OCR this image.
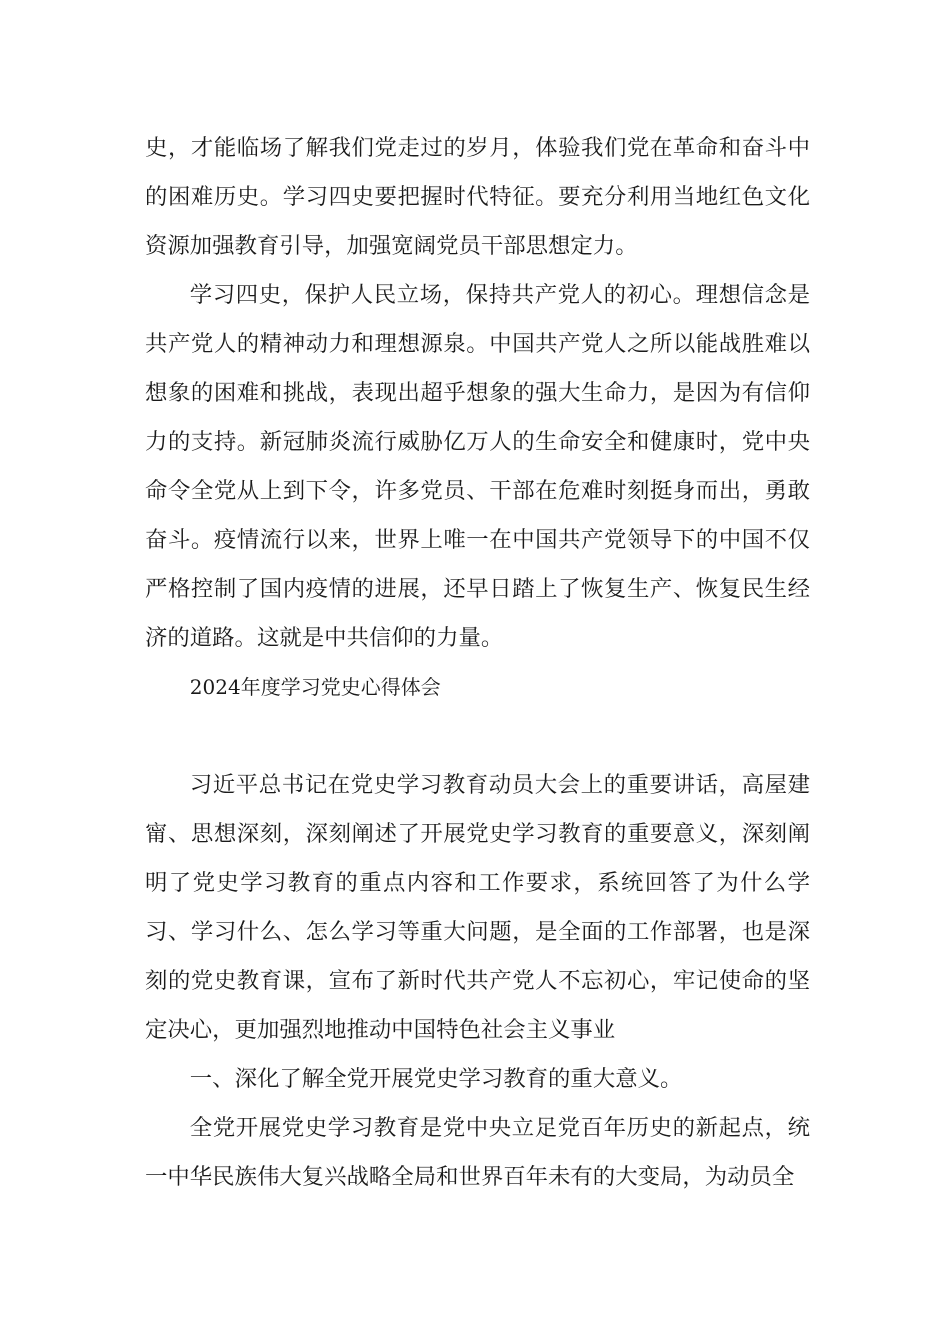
史，才能临场了解我们党走过的岁月，体验我们党在革命和奋斗中的困难历史。学习四史要把握时代特征。要充分利用当地红色文化资源加强教育引导，加强宽阔党员干部思想定力。

学习四史，保护人民立场，保持共产党人的初心。理想信念是共产党人的精神动力和理想源泉。中国共产党人之所以能战胜难以想象的困难和挑战，表现出超乎想象的强大生命力，是因为有信仰力的支持。新冠肺炎流行威胁亿万人的生命安全和健康时，党中央命令全党从上到下令，许多党员、干部在危难时刻挺身而出，勇敢奋斗。疫情流行以来，世界上唯一在中国共产党领导下的中国不仅严格控制了国内疫情的进展，还早日踏上了恢复生产、恢复民生经济的道路。这就是中共信仰的力量。

2024年度学习党史心得体会

习近平总书记在党史学习教育动员大会上的重要讲话，高屋建甯、思想深刻，深刻阐述了开展党史学习教育的重要意义，深刻阐明了党史学习教育的重点内容和工作要求，系统回答了为什么学习、学习什么、怎么学习等重大问题，是全面的工作部署，也是深刻的党史教育课，宣布了新时代共产党人不忘初心，牢记使命的坚定决心，更加强烈地推动中国特色社会主义事业

一、深化了解全党开展党史学习教育的重大意义。

全党开展党史学习教育是党中央立足党百年历史的新起点，统一中华民族伟大复兴战略全局和世界百年未有的大变局，为动员全
